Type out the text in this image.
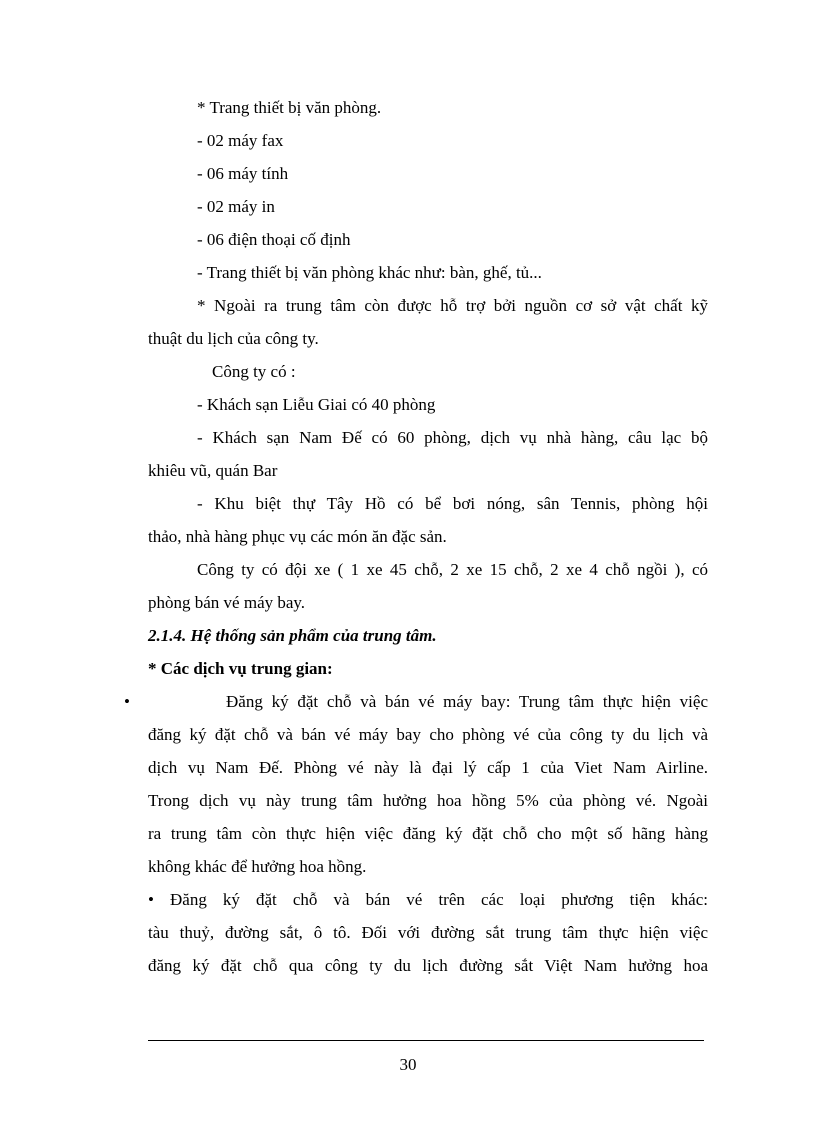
* Trang thiết bị văn phòng.
- 02 máy fax
- 06 máy tính
- 02 máy in
- 06 điện thoại cố định
- Trang thiết bị văn phòng khác như: bàn, ghế, tủ...
* Ngoài ra trung tâm còn được hỗ trợ bởi nguồn cơ sở vật chất kỹ
thuật du lịch của công ty.
Công ty có :
- Khách sạn Liễu Giai có 40 phòng
- Khách sạn Nam Đế có 60 phòng, dịch vụ nhà hàng, câu lạc bộ
khiêu vũ, quán Bar
- Khu biệt thự Tây Hồ có bể bơi nóng, sân Tennis, phòng hội
thảo, nhà hàng phục vụ các món ăn đặc sản.
Công ty có đội xe ( 1 xe 45 chỗ, 2 xe 15 chỗ, 2 xe 4 chỗ ngồi ), có
phòng bán vé máy bay.
2.1.4. Hệ thống sản phẩm của trung tâm.
* Các dịch vụ trung gian:
•	Đăng ký đặt chỗ và bán vé máy bay: Trung tâm thực hiện việc
đăng ký đặt chỗ và bán vé máy bay cho phòng vé của công ty du lịch và
dịch vụ Nam Đế. Phòng vé này là đại lý cấp 1 của Viet Nam Airline.
Trong dịch vụ này trung tâm hưởng hoa hồng 5% của phòng vé. Ngoài
ra trung tâm còn thực hiện việc đăng ký đặt chỗ cho một số hãng hàng
không khác để hưởng hoa hồng.
• Đăng ký đặt chỗ và bán vé trên các loại phương tiện khác:
tàu thuỷ, đường sắt, ô tô. Đối với đường sắt trung tâm thực hiện việc
đăng ký đặt chỗ qua công ty du lịch đường sắt Việt Nam hưởng hoa
30
